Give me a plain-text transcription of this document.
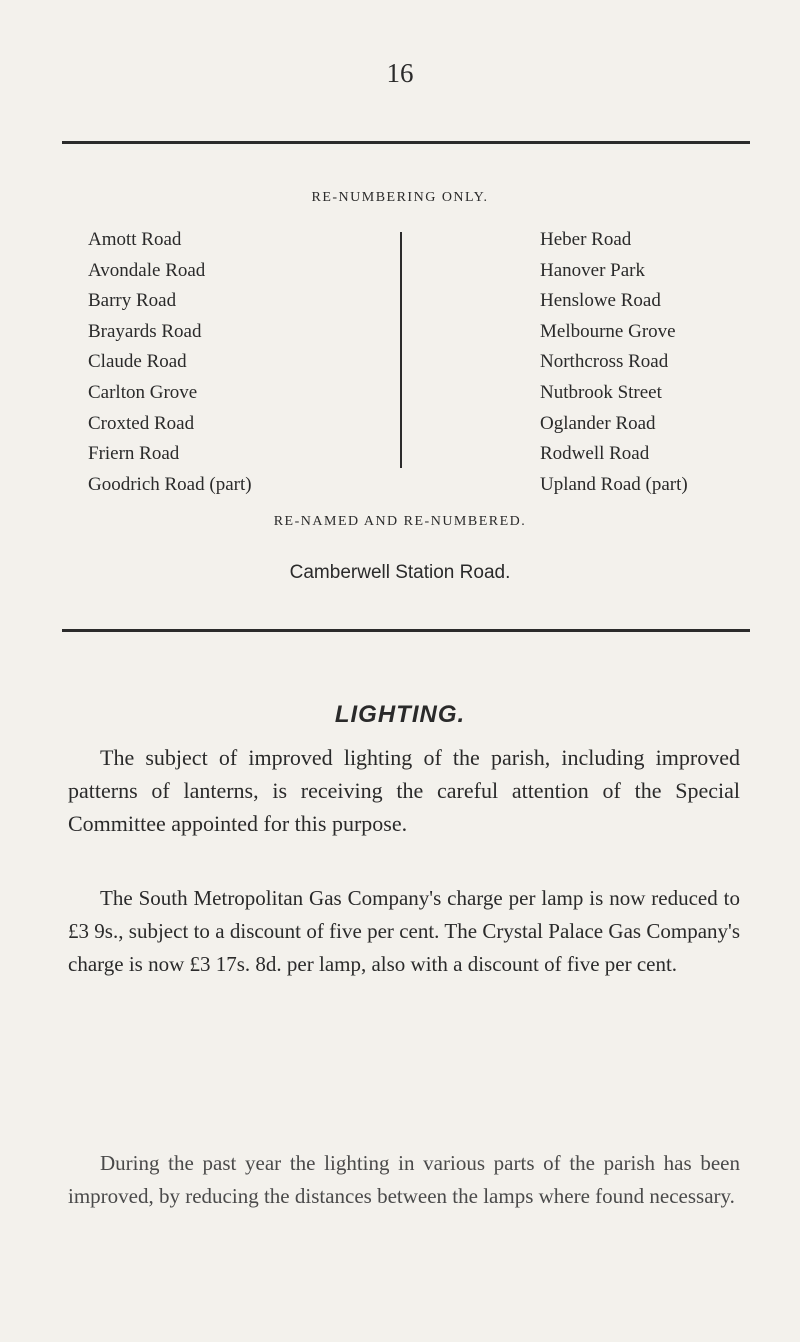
16
RE-NUMBERING ONLY.
Amott Road
Avondale Road
Barry Road
Brayards Road
Claude Road
Carlton Grove
Croxted Road
Friern Road
Goodrich Road (part)
Heber Road
Hanover Park
Henslowe Road
Melbourne Grove
Northcross Road
Nutbrook Street
Oglander Road
Rodwell Road
Upland Road (part)
RE-NAMED AND RE-NUMBERED.
Camberwell Station Road.
LIGHTING.

The subject of improved lighting of the parish, including improved patterns of lanterns, is receiving the careful attention of the Special Committee appointed for this purpose.

The South Metropolitan Gas Company's charge per lamp is now reduced to £3 9s., subject to a discount of five per cent. The Crystal Palace Gas Company's charge is now £3 17s. 8d. per lamp, also with a discount of five per cent.

During the past year the lighting in various parts of the parish has been improved, by reducing the distances between the lamps where found necessary.
